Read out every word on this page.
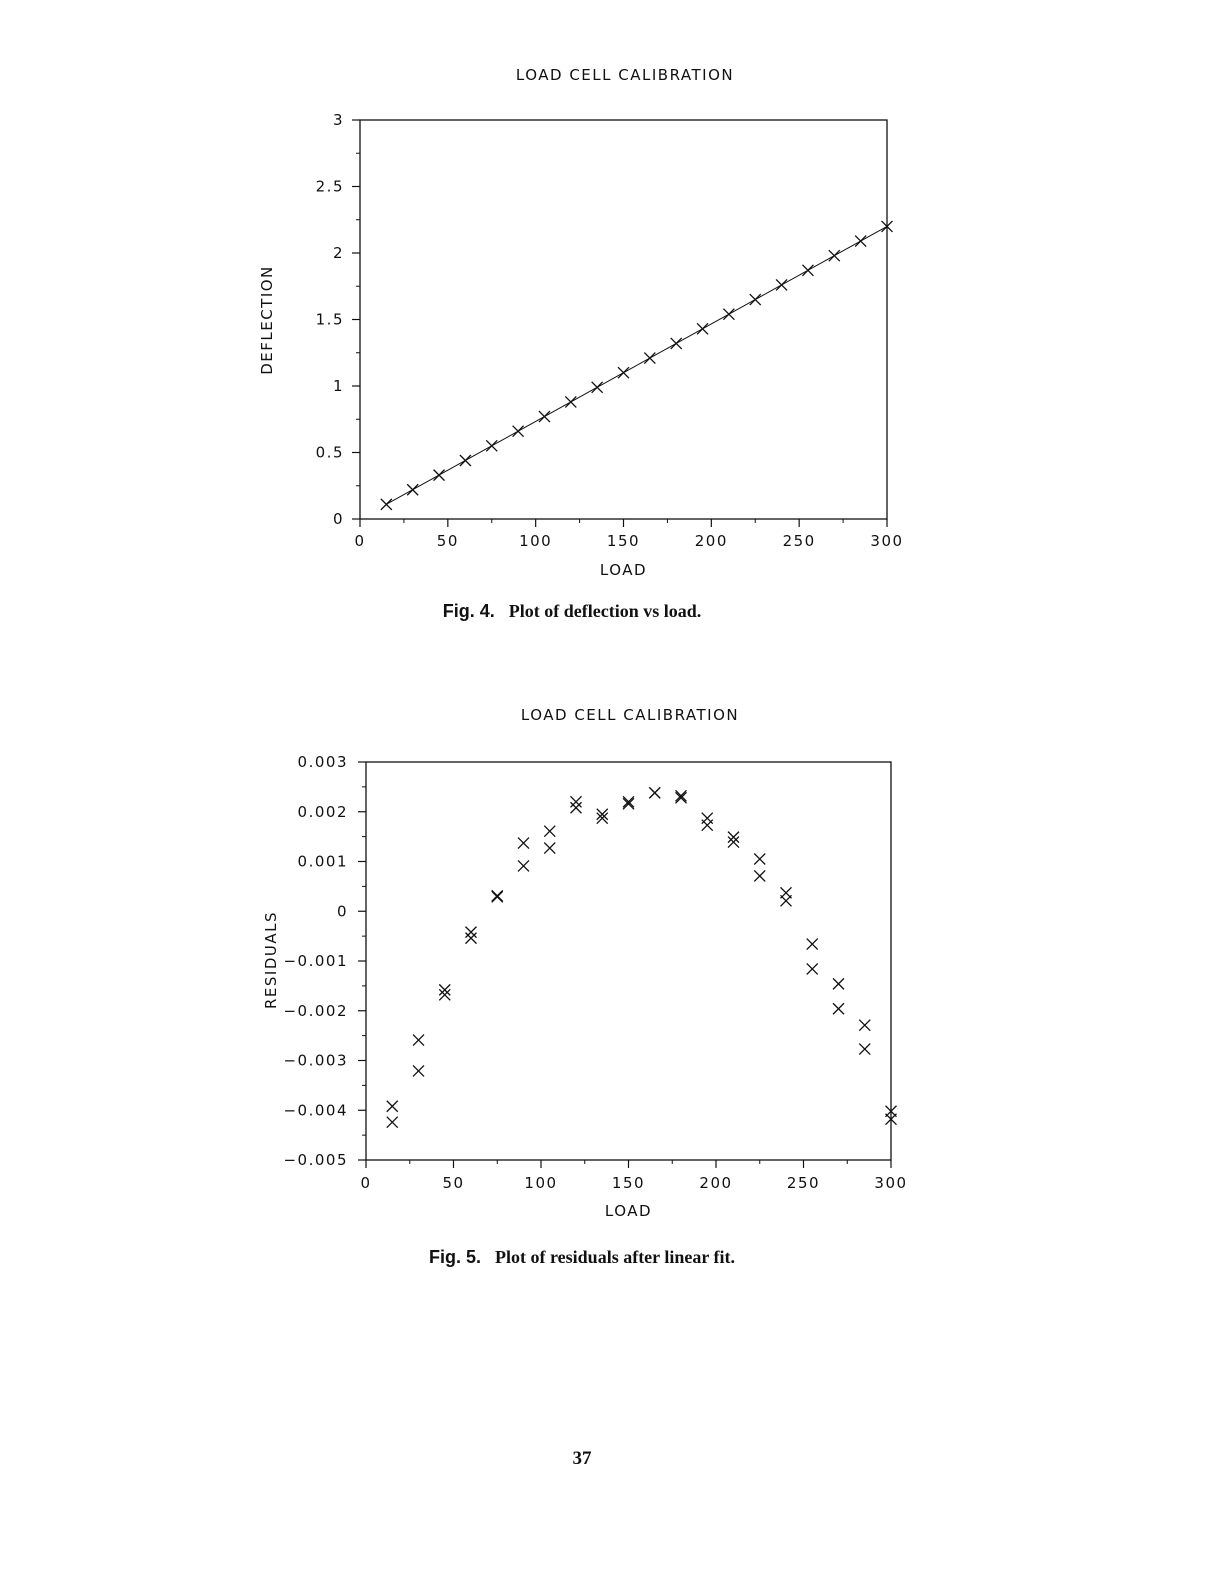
LOAD CELL CALIBRATION
LOAD
DEFLECTION
0	50	100	150	200	250	300
0
0.5
1
1.5
2
2.5
3
LOAD CELL CALIBRATION
LOAD
RESIDUALS
0	50	100	150	200	250	300
−0.005
−0.004
−0.003
−0.002
−0.001
0
0.001
0.002
0.003
Fig. 4. Plot of deflection vs load.
Fig. 5. Plot of residuals after linear fit.
37
